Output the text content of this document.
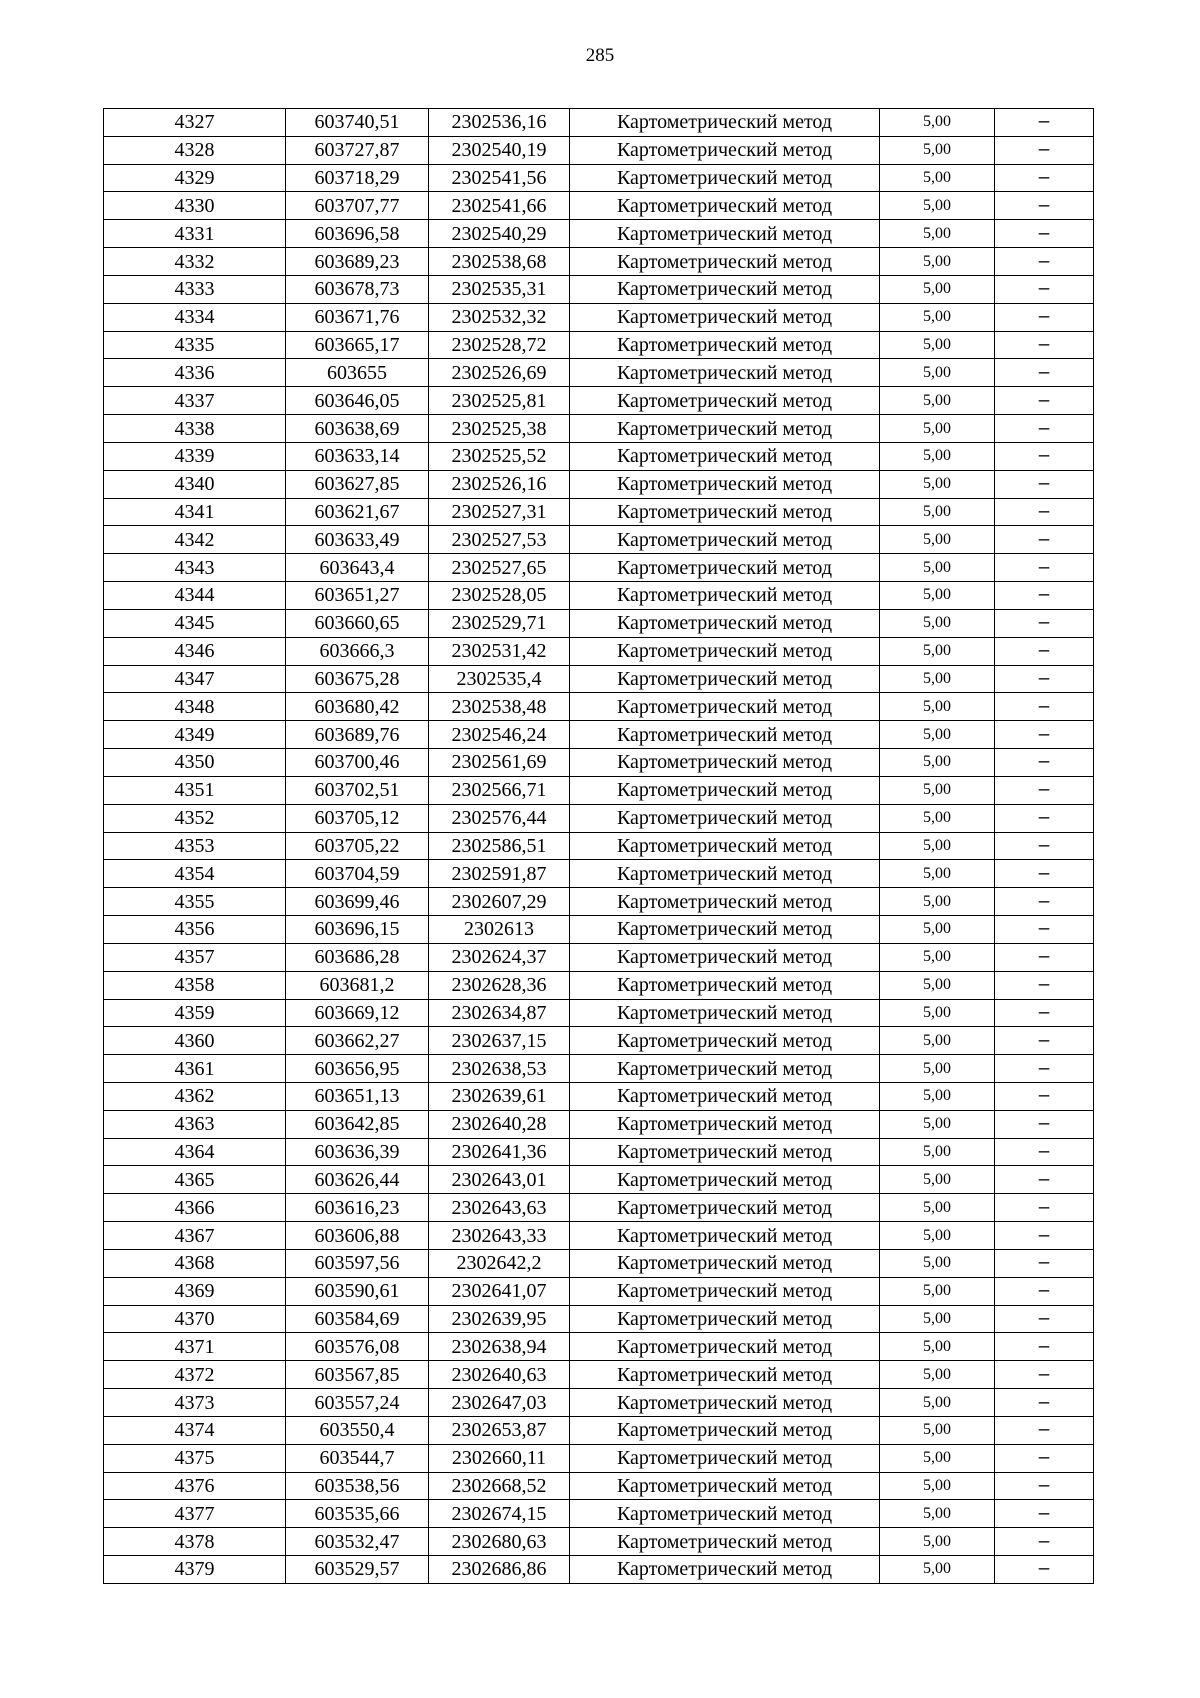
285
4327	603740,51	2302536,16	Картометрический метод	5,00	–
4328	603727,87	2302540,19	Картометрический метод	5,00	–
4329	603718,29	2302541,56	Картометрический метод	5,00	–
4330	603707,77	2302541,66	Картометрический метод	5,00	–
4331	603696,58	2302540,29	Картометрический метод	5,00	–
4332	603689,23	2302538,68	Картометрический метод	5,00	–
4333	603678,73	2302535,31	Картометрический метод	5,00	–
4334	603671,76	2302532,32	Картометрический метод	5,00	–
4335	603665,17	2302528,72	Картометрический метод	5,00	–
4336	603655	2302526,69	Картометрический метод	5,00	–
4337	603646,05	2302525,81	Картометрический метод	5,00	–
4338	603638,69	2302525,38	Картометрический метод	5,00	–
4339	603633,14	2302525,52	Картометрический метод	5,00	–
4340	603627,85	2302526,16	Картометрический метод	5,00	–
4341	603621,67	2302527,31	Картометрический метод	5,00	–
4342	603633,49	2302527,53	Картометрический метод	5,00	–
4343	603643,4	2302527,65	Картометрический метод	5,00	–
4344	603651,27	2302528,05	Картометрический метод	5,00	–
4345	603660,65	2302529,71	Картометрический метод	5,00	–
4346	603666,3	2302531,42	Картометрический метод	5,00	–
4347	603675,28	2302535,4	Картометрический метод	5,00	–
4348	603680,42	2302538,48	Картометрический метод	5,00	–
4349	603689,76	2302546,24	Картометрический метод	5,00	–
4350	603700,46	2302561,69	Картометрический метод	5,00	–
4351	603702,51	2302566,71	Картометрический метод	5,00	–
4352	603705,12	2302576,44	Картометрический метод	5,00	–
4353	603705,22	2302586,51	Картометрический метод	5,00	–
4354	603704,59	2302591,87	Картометрический метод	5,00	–
4355	603699,46	2302607,29	Картометрический метод	5,00	–
4356	603696,15	2302613	Картометрический метод	5,00	–
4357	603686,28	2302624,37	Картометрический метод	5,00	–
4358	603681,2	2302628,36	Картометрический метод	5,00	–
4359	603669,12	2302634,87	Картометрический метод	5,00	–
4360	603662,27	2302637,15	Картометрический метод	5,00	–
4361	603656,95	2302638,53	Картометрический метод	5,00	–
4362	603651,13	2302639,61	Картометрический метод	5,00	–
4363	603642,85	2302640,28	Картометрический метод	5,00	–
4364	603636,39	2302641,36	Картометрический метод	5,00	–
4365	603626,44	2302643,01	Картометрический метод	5,00	–
4366	603616,23	2302643,63	Картометрический метод	5,00	–
4367	603606,88	2302643,33	Картометрический метод	5,00	–
4368	603597,56	2302642,2	Картометрический метод	5,00	–
4369	603590,61	2302641,07	Картометрический метод	5,00	–
4370	603584,69	2302639,95	Картометрический метод	5,00	–
4371	603576,08	2302638,94	Картометрический метод	5,00	–
4372	603567,85	2302640,63	Картометрический метод	5,00	–
4373	603557,24	2302647,03	Картометрический метод	5,00	–
4374	603550,4	2302653,87	Картометрический метод	5,00	–
4375	603544,7	2302660,11	Картометрический метод	5,00	–
4376	603538,56	2302668,52	Картометрический метод	5,00	–
4377	603535,66	2302674,15	Картометрический метод	5,00	–
4378	603532,47	2302680,63	Картометрический метод	5,00	–
4379	603529,57	2302686,86	Картометрический метод	5,00	–
